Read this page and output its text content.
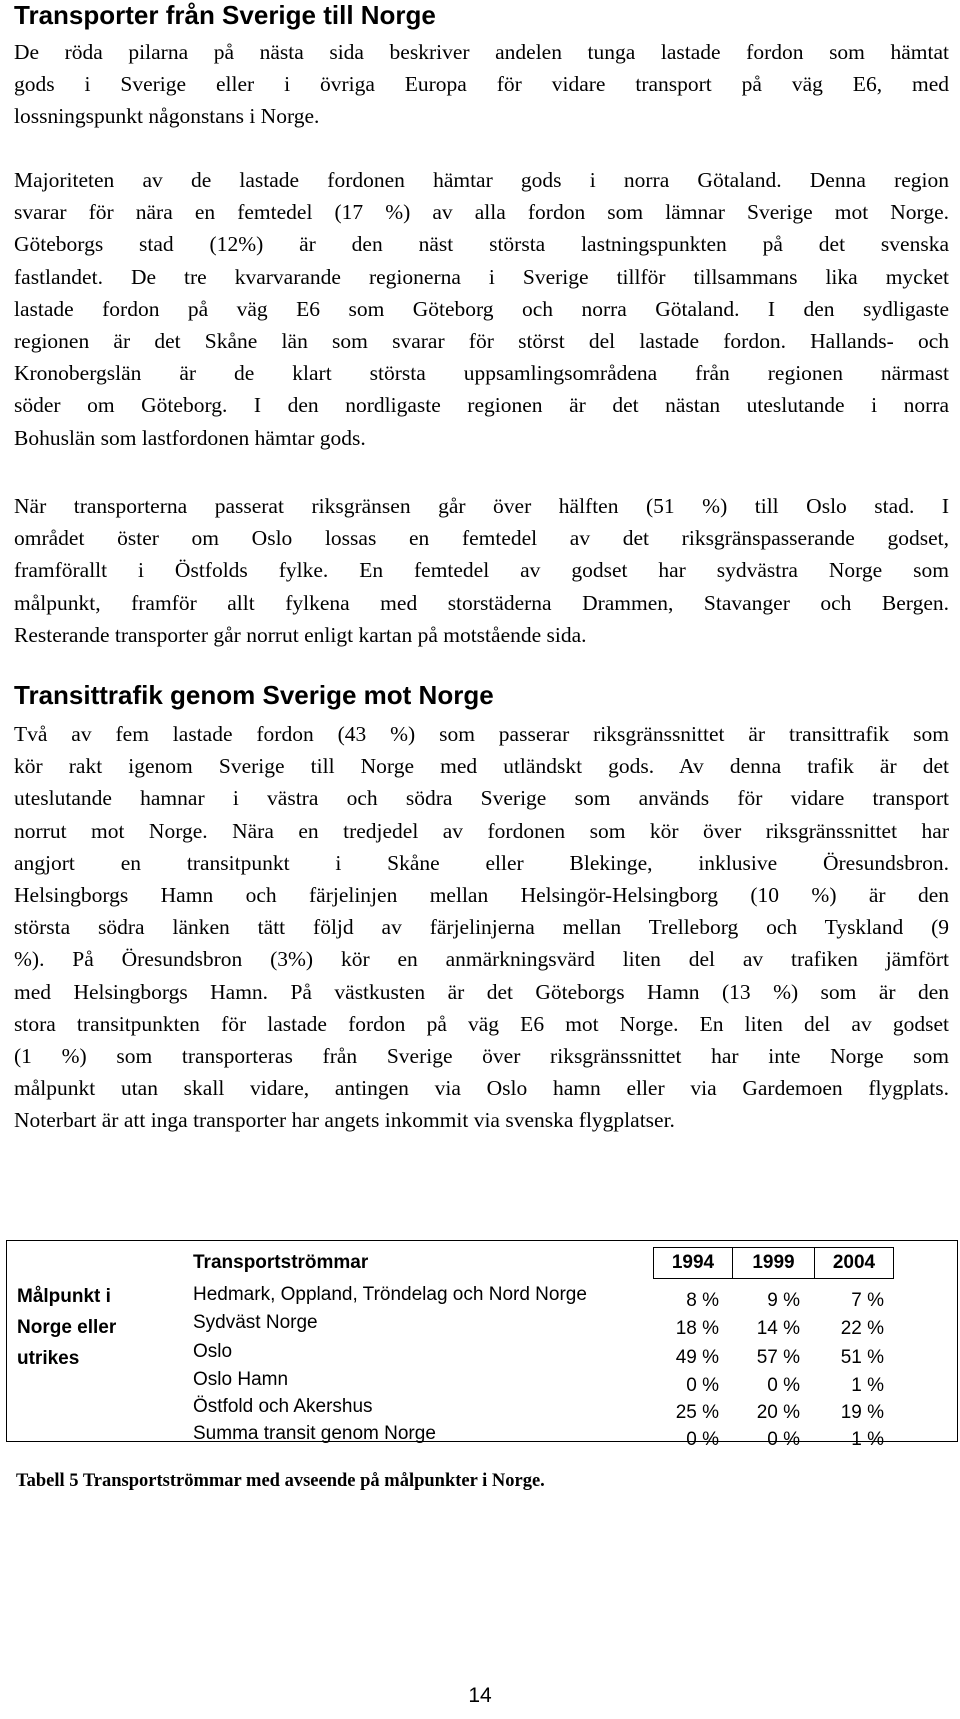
Transporter från Sverige till Norge

De röda pilarna på nästa sida beskriver andelen tunga lastade fordon som hämtat
gods i Sverige eller i övriga Europa för vidare transport på väg E6, med
lossningspunkt någonstans i Norge.

Majoriteten av de lastade fordonen hämtar gods i norra Götaland. Denna region
svarar för nära en femtedel (17 %) av alla fordon som lämnar Sverige mot Norge.
Göteborgs stad (12%) är den näst största lastningspunkten på det svenska
fastlandet. De tre kvarvarande regionerna i Sverige tillför tillsammans lika mycket
lastade fordon på väg E6 som Göteborg och norra Götaland. I den sydligaste
regionen är det Skåne län som svarar för störst del lastade fordon. Hallands- och
Kronobergslän är de klart största uppsamlingsområdena från regionen närmast
söder om Göteborg. I den nordligaste regionen är det nästan uteslutande i norra
Bohuslän som lastfordonen hämtar gods.

När transporterna passerat riksgränsen går över hälften (51 %) till Oslo stad. I
området öster om Oslo lossas en femtedel av det riksgränspasserande godset,
framförallt i Östfolds fylke. En femtedel av godset har sydvästra Norge som
målpunkt, framför allt fylkena med storstäderna Drammen, Stavanger och Bergen.
Resterande transporter går norrut enligt kartan på motstående sida.

Transittrafik genom Sverige mot Norge

Två av fem lastade fordon (43 %) som passerar riksgränssnittet är transittrafik som
kör rakt igenom Sverige till Norge med utländskt gods. Av denna trafik är det
uteslutande hamnar i västra och södra Sverige som används för vidare transport
norrut mot Norge. Nära en tredjedel av fordonen som kör över riksgränssnittet har
angjort en transitpunkt i Skåne eller Blekinge, inklusive Öresundsbron.
Helsingborgs Hamn och färjelinjen mellan Helsingör-Helsingborg (10 %) är den
största södra länken tätt följd av färjelinjerna mellan Trelleborg och Tyskland (9
%). På Öresundsbron (3%) kör en anmärkningsvärd liten del av trafiken jämfört
med Helsingborgs Hamn. På västkusten är det Göteborgs Hamn (13 %) som är den
stora transitpunkten för lastade fordon på väg E6 mot Norge. En liten del av godset
(1 %) som transporteras från Sverige över riksgränssnittet har inte Norge som
målpunkt utan skall vidare, antingen via Oslo hamn eller via Gardemoen flygplats.
Noterbart är att inga transporter har angets inkommit via svenska flygplatser.

Transportströmmar	1994	1999	2004
Målpunkt i
Norge eller
utrikes
Hedmark, Oppland, Tröndelag och Nord Norge	8 %	9 %	7 %
Sydväst Norge	18 %	14 %	22 %
Oslo	49 %	57 %	51 %
Oslo Hamn	0 %	0 %	1 %
Östfold och Akershus	25 %	20 %	19 %
Summa transit genom Norge	0 %	0 %	1 %
Tabell 5 Transportströmmar med avseende på målpunkter i Norge.
14
